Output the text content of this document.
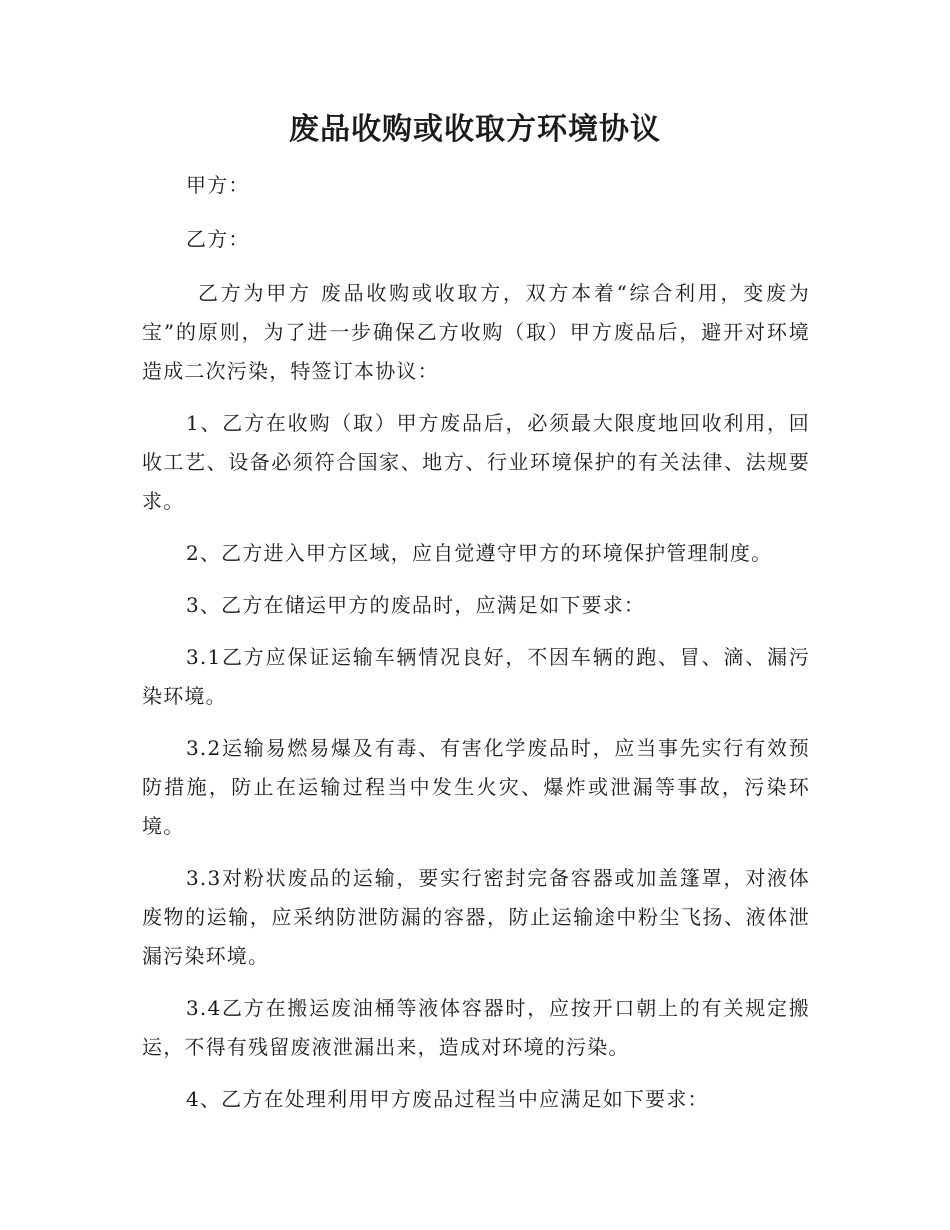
废品收购或收取方环境协议

甲方：

乙方：

乙方为甲方 废品收购或收取方，双方本着“综合利用，变废为宝”的原则，为了进一步确保乙方收购（取）甲方废品后，避开对环境造成二次污染，特签订本协议：

1、乙方在收购（取）甲方废品后，必须最大限度地回收利用，回收工艺、设备必须符合国家、地方、行业环境保护的有关法律、法规要求。

2、乙方进入甲方区域，应自觉遵守甲方的环境保护管理制度。

3、乙方在储运甲方的废品时，应满足如下要求：

3.1乙方应保证运输车辆情况良好，不因车辆的跑、冒、滴、漏污染环境。

3.2运输易燃易爆及有毒、有害化学废品时，应当事先实行有效预防措施，防止在运输过程当中发生火灾、爆炸或泄漏等事故，污染环境。

3.3对粉状废品的运输，要实行密封完备容器或加盖篷罩，对液体废物的运输，应采纳防泄防漏的容器，防止运输途中粉尘飞扬、液体泄漏污染环境。

3.4乙方在搬运废油桶等液体容器时，应按开口朝上的有关规定搬运，不得有残留废液泄漏出来，造成对环境的污染。

4、乙方在处理利用甲方废品过程当中应满足如下要求：
